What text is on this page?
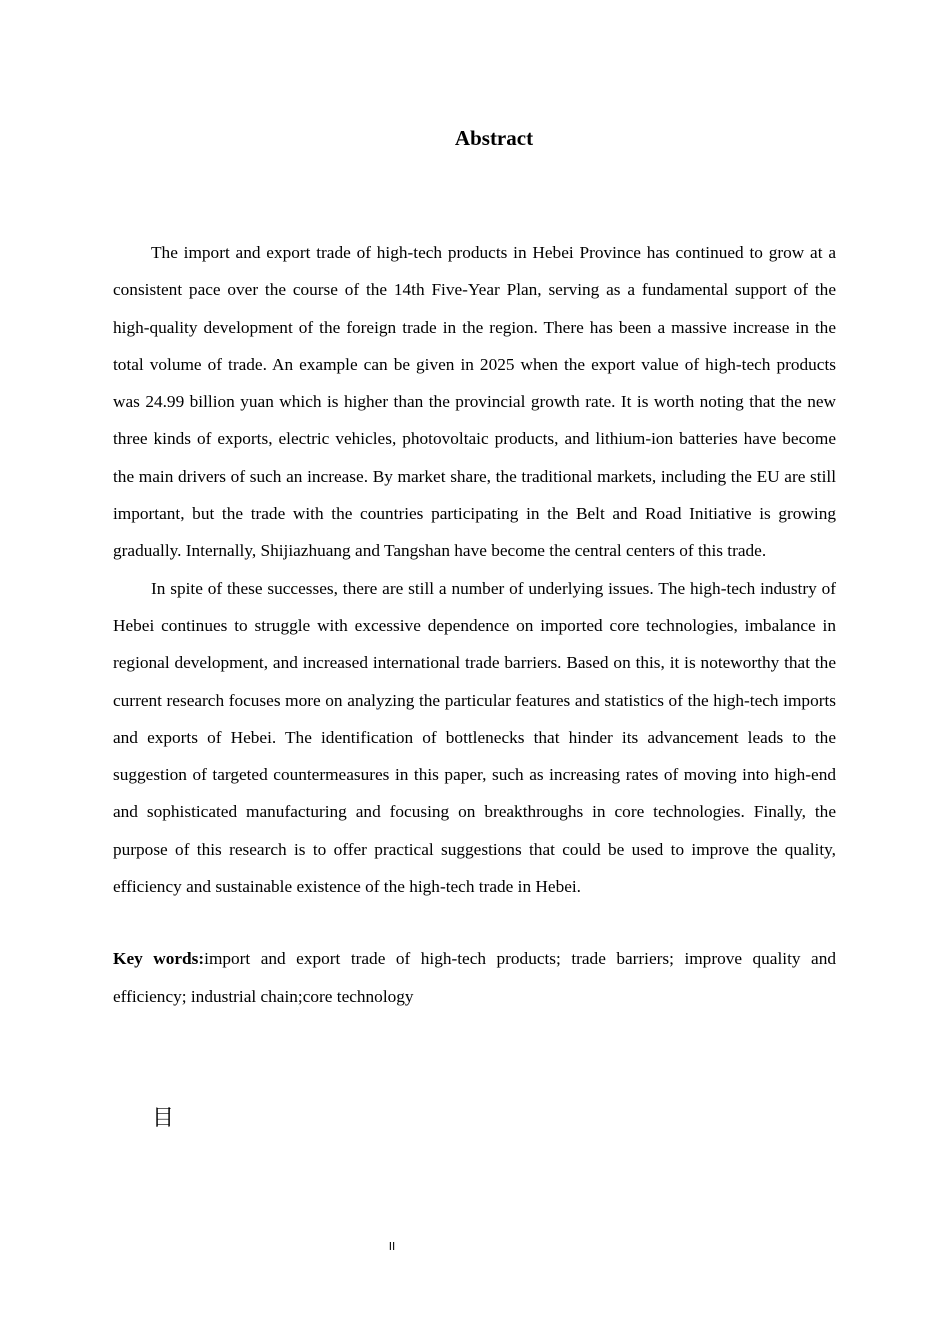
Abstract

The import and export trade of high-tech products in Hebei Province has continued to grow at a consistent pace over the course of the 14th Five-Year Plan, serving as a fundamental support of the high-quality development of the foreign trade in the region. There has been a massive increase in the total volume of trade. An example can be given in 2025 when the export value of high-tech products was 24.99 billion yuan which is higher than the provincial growth rate. It is worth noting that the new three kinds of exports, electric vehicles, photovoltaic products, and lithium-ion batteries have become the main drivers of such an increase. By market share, the traditional markets, including the EU are still important, but the trade with the countries participating in the Belt and Road Initiative is growing gradually. Internally, Shijiazhuang and Tangshan have become the central centers of this trade.

In spite of these successes, there are still a number of underlying issues. The high-tech industry of Hebei continues to struggle with excessive dependence on imported core technologies, imbalance in regional development, and increased international trade barriers. Based on this, it is noteworthy that the current research focuses more on analyzing the particular features and statistics of the high-tech imports and exports of Hebei. The identification of bottlenecks that hinder its advancement leads to the suggestion of targeted countermeasures in this paper, such as increasing rates of moving into high-end and sophisticated manufacturing and focusing on breakthroughs in core technologies. Finally, the purpose of this research is to offer practical suggestions that could be used to improve the quality, efficiency and sustainable existence of the high-tech trade in Hebei.

Key words:import and export trade of high-tech products; trade barriers; improve quality and efficiency; industrial chain;core technology

目
II
